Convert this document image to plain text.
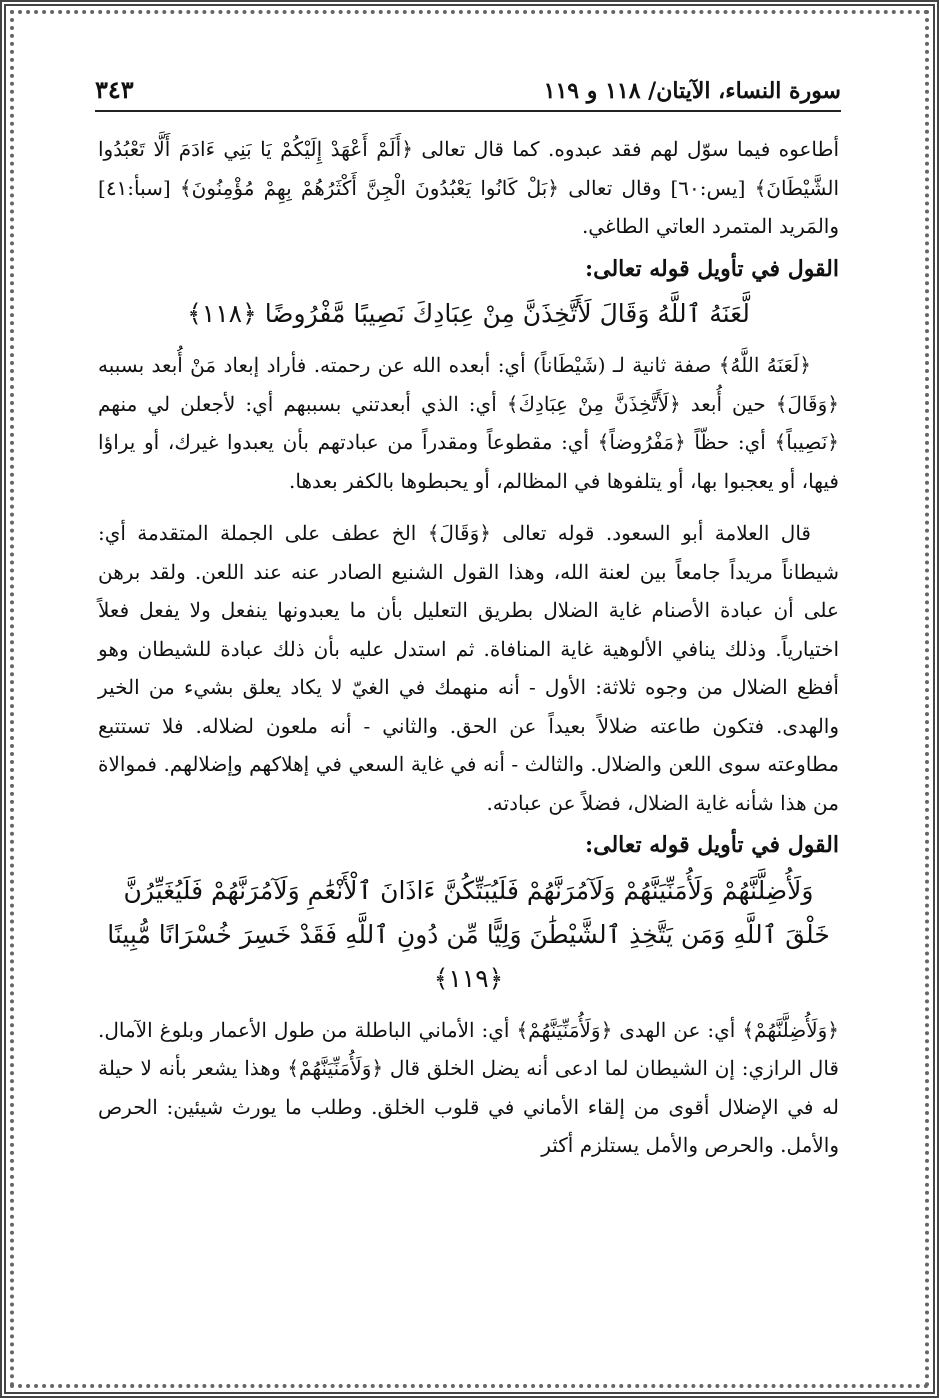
سورة النساء، الآيتان/ ١١٨ و ١١٩
٣٤٣

أطاعوه فيما سوّل لهم فقد عبدوه. كما قال تعالى ﴿أَلَمْ أَعْهَدْ إِلَيْكُمْ يَا بَنِي ءَادَمَ أَلَّا تَعْبُدُوا الشَّيْطَانَ﴾ [يس:٦٠] وقال تعالى ﴿بَلْ كَانُوا يَعْبُدُونَ الْجِنَّ أَكْثَرُهُمْ بِهِمْ مُؤْمِنُونَ﴾ [سبأ:٤١] والمَريد المتمرد العاتي الطاغي.

القول في تأويل قوله تعالى:

لَّعَنَهُ ٱللَّهُ وَقَالَ لَأَتَّخِذَنَّ مِنْ عِبَادِكَ نَصِيبًا مَّفْرُوضًا ﴿١١٨﴾

﴿لَعَنَهُ اللَّهُ﴾ صفة ثانية لـ (شَيْطَاناً) أي: أبعده الله عن رحمته. فأراد إبعاد مَنْ أُبعد بسببه ﴿وَقَالَ﴾ حين أُبعد ﴿لَأَتَّخِذَنَّ مِنْ عِبَادِكَ﴾ أي: الذي أبعدتني بسببهم أي: لأجعلن لي منهم ﴿نَصِيباً﴾ أي: حظّاً ﴿مَفْرُوضاً﴾ أي: مقطوعاً ومقدراً من عبادتهم بأن يعبدوا غيرك، أو يراؤا فيها، أو يعجبوا بها، أو يتلفوها في المظالم، أو يحبطوها بالكفر بعدها.

قال العلامة أبو السعود. قوله تعالى ﴿وَقَالَ﴾ الخ عطف على الجملة المتقدمة أي: شيطاناً مريداً جامعاً بين لعنة الله، وهذا القول الشنيع الصادر عنه عند اللعن. ولقد برهن على أن عبادة الأصنام غاية الضلال بطريق التعليل بأن ما يعبدونها ينفعل ولا يفعل فعلاً اختيارياً. وذلك ينافي الألوهية غاية المنافاة. ثم استدل عليه بأن ذلك عبادة للشيطان وهو أفظع الضلال من وجوه ثلاثة: الأول - أنه منهمك في الغيّ لا يكاد يعلق بشيء من الخير والهدى. فتكون طاعته ضلالاً بعيداً عن الحق. والثاني - أنه ملعون لضلاله. فلا تستتبع مطاوعته سوى اللعن والضلال. والثالث - أنه في غاية السعي في إهلاكهم وإضلالهم. فموالاة من هذا شأنه غاية الضلال، فضلاً عن عبادته.

القول في تأويل قوله تعالى:

وَلَأُضِلَّنَّهُمْ وَلَأُمَنِّيَنَّهُمْ وَلَآمُرَنَّهُمْ فَلَيُبَتِّكُنَّ ءَاذَانَ ٱلْأَنْعَٰمِ وَلَآمُرَنَّهُمْ فَلَيُغَيِّرُنَّ خَلْقَ ٱللَّهِ وَمَن يَتَّخِذِ ٱلشَّيْطَٰنَ وَلِيًّا مِّن دُونِ ٱللَّهِ فَقَدْ خَسِرَ خُسْرَانًا مُّبِينًا ﴿١١٩﴾

﴿وَلَأُضِلَّنَّهُمْ﴾ أي: عن الهدى ﴿وَلَأُمَنِّيَنَّهُمْ﴾ أي: الأماني الباطلة من طول الأعمار وبلوغ الآمال. قال الرازي: إن الشيطان لما ادعى أنه يضل الخلق قال ﴿وَلَأُمَنِّيَنَّهُمْ﴾ وهذا يشعر بأنه لا حيلة له في الإضلال أقوى من إلقاء الأماني في قلوب الخلق. وطلب ما يورث شيئين: الحرص والأمل. والحرص والأمل يستلزم أكثر
